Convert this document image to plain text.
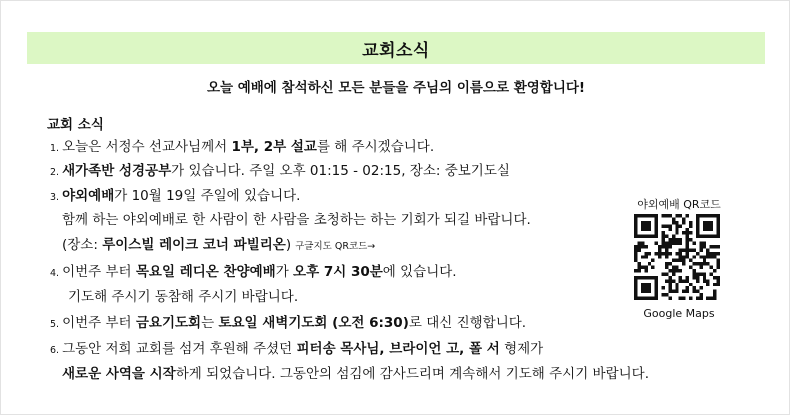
교회소식
오늘 예배에 참석하신 모든 분들을 주님의 이름으로 환영합니다!
교회 소식
1. 오늘은 서정수 선교사님께서 1부, 2부 설교를 해 주시겠습니다.
2. 새가족반 성경공부가 있습니다. 주일 오후 01:15 - 02:15, 장소: 중보기도실
3. 야외예배가 10월 19일 주일에 있습니다.
함께 하는 야외예배로 한 사람이 한 사람을 초청하는 하는 기회가 되길 바랍니다.
(장소: 루이스빌 레이크 코너 파빌리온) 구글지도 QR코드→
4. 이번주 부터 목요일 레디온 찬양예배가 오후 7시 30분에 있습니다.
기도해 주시기 동참해 주시기 바랍니다.
5. 이번주 부터 금요기도회는 토요일 새벽기도회 (오전 6:30)로 대신 진행합니다.
6. 그동안 저희 교회를 섬겨 후원해 주셨던 피터송 목사님, 브라이언 고, 폴 서 형제가
새로운 사역을 시작하게 되었습니다. 그동안의 섬김에 감사드리며 계속해서 기도해 주시기 바랍니다.
야외예배 QR코드
Google Maps
